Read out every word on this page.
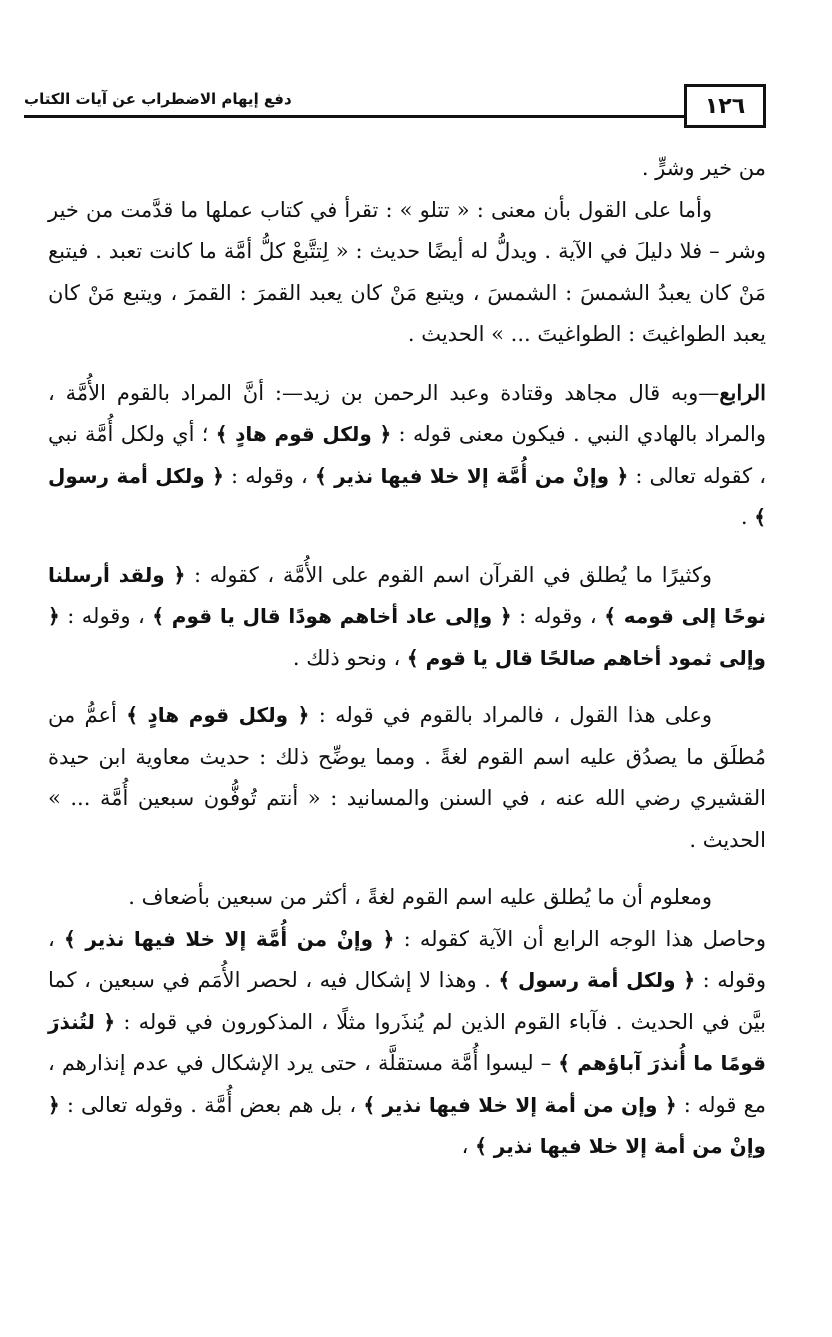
١٢٦
دفع إيهام الاضطراب عن آيات الكتاب

من خير وشرٍّ .

وأما على القول بأن معنى : « تتلو » : تقرأ في كتاب عملها ما قدَّمت من خير وشر – فلا دليلَ في الآية . ويدلُّ له أيضًا حديث : « لِتتَّبعْ كلُّ أمَّة ما كانت تعبد . فيتبع مَنْ كان يعبدُ الشمسَ : الشمسَ ، ويتبع مَنْ كان يعبد القمرَ : القمرَ ، ويتبع مَنْ كان يعبد الطواغيتَ : الطواغيتَ ... » الحديث .

الرابع—وبه قال مجاهد وقتادة وعبد الرحمن بن زيد—: أنَّ المراد بالقوم الأُمَّة ، والمراد بالهادي النبي . فيكون معنى قوله : ﴿ ولكل قوم هادٍ ﴾ ؛ أي ولكل أُمَّة نبي ، كقوله تعالى : ﴿ وإنْ من أُمَّة إلا خلا فيها نذير ﴾ ، وقوله : ﴿ ولكل أمة رسول ﴾ .

وكثيرًا ما يُطلق في القرآن اسم القوم على الأُمَّة ، كقوله : ﴿ ولقد أرسلنا نوحًا إلى قومه ﴾ ، وقوله : ﴿ وإلى عاد أخاهم هودًا قال يا قوم ﴾ ، وقوله : ﴿ وإلى ثمود أخاهم صالحًا قال يا قوم ﴾ ، ونحو ذلك .

وعلى هذا القول ، فالمراد بالقوم في قوله : ﴿ ولكل قوم هادٍ ﴾ أعمُّ من مُطلَق ما يصدُق عليه اسم القوم لغةً . ومما يوضِّح ذلك : حديث معاوية ابن حيدة القشيري رضي الله عنه ، في السنن والمسانيد : « أنتم تُوفُّون سبعين أُمَّة ... » الحديث .

ومعلوم أن ما يُطلق عليه اسم القوم لغةً ، أكثر من سبعين بأضعاف .

وحاصل هذا الوجه الرابع أن الآية كقوله : ﴿ وإنْ من أُمَّة إلا خلا فيها نذير ﴾ ، وقوله : ﴿ ولكل أمة رسول ﴾ . وهذا لا إشكال فيه ، لحصر الأُمَم في سبعين ، كما بيَّن في الحديث . فآباء القوم الذين لم يُنذَروا مثلًا ، المذكورون في قوله : ﴿ لتُنذرَ قومًا ما أُنذرَ آباؤهم ﴾ – ليسوا أُمَّة مستقلَّة ، حتى يرد الإشكال في عدم إنذارهم ، مع قوله : ﴿ وإن من أمة إلا خلا فيها نذير ﴾ ، بل هم بعض أُمَّة . وقوله تعالى : ﴿ وإنْ من أمة إلا خلا فيها نذير ﴾ ،
